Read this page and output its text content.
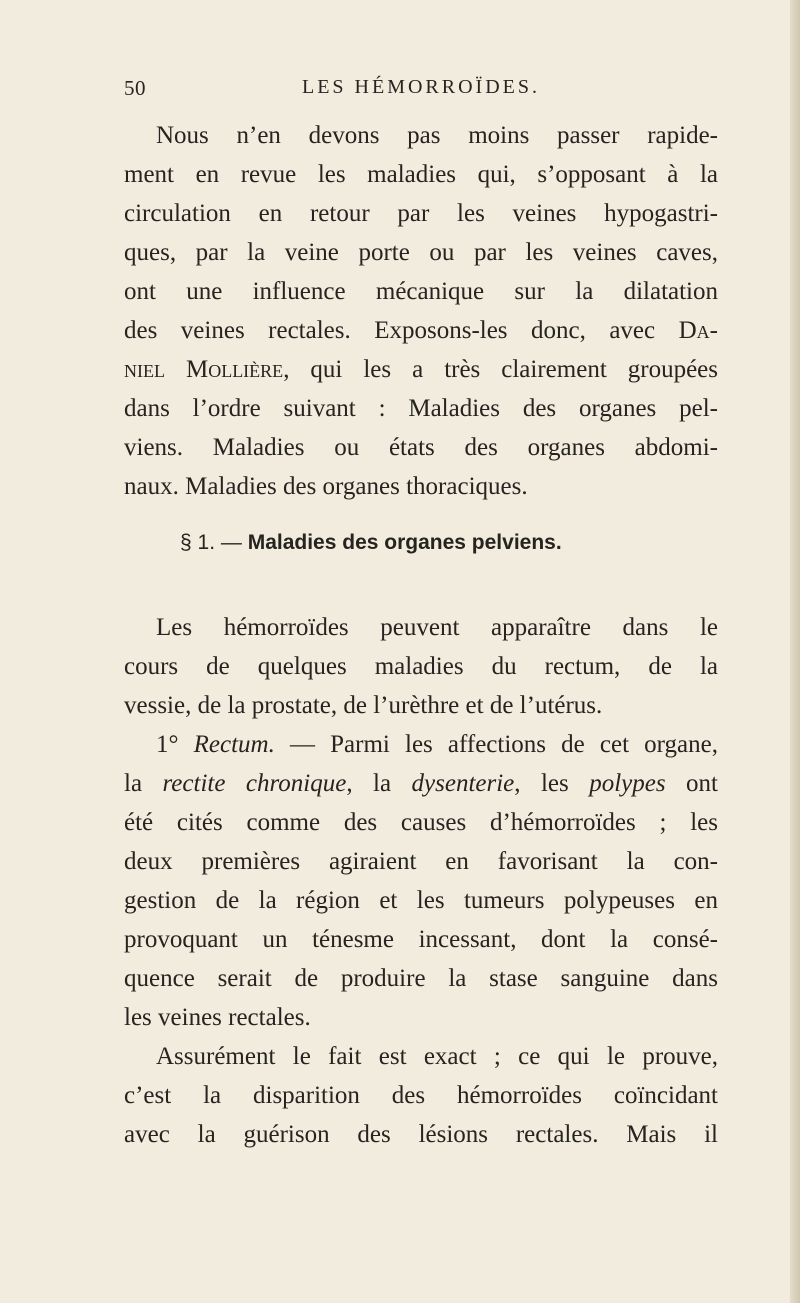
50	LES HÉMORROÏDES.
Nous n’en devons pas moins passer rapide-
ment en revue les maladies qui, s’opposant à la
circulation en retour par les veines hypogastri-
ques, par la veine porte ou par les veines caves,
ont une influence mécanique sur la dilatation
des veines rectales. Exposons-les donc, avec Da-
niel Mollière, qui les a très clairement groupées
dans l’ordre suivant : Maladies des organes pel-
viens. Maladies ou états des organes abdomi-
naux. Maladies des organes thoraciques.
§ 1. — Maladies des organes pelviens.
Les hémorroïdes peuvent apparaître dans le
cours de quelques maladies du rectum, de la
vessie, de la prostate, de l’urèthre et de l’utérus.
1° Rectum. — Parmi les affections de cet organe,
la rectite chronique, la dysenterie, les polypes ont
été cités comme des causes d’hémorroïdes ; les
deux premières agiraient en favorisant la con-
gestion de la région et les tumeurs polypeuses en
provoquant un ténesme incessant, dont la consé-
quence serait de produire la stase sanguine dans
les veines rectales.
Assurément le fait est exact ; ce qui le prouve,
c’est la disparition des hémorroïdes coïncidant
avec la guérison des lésions rectales. Mais il
